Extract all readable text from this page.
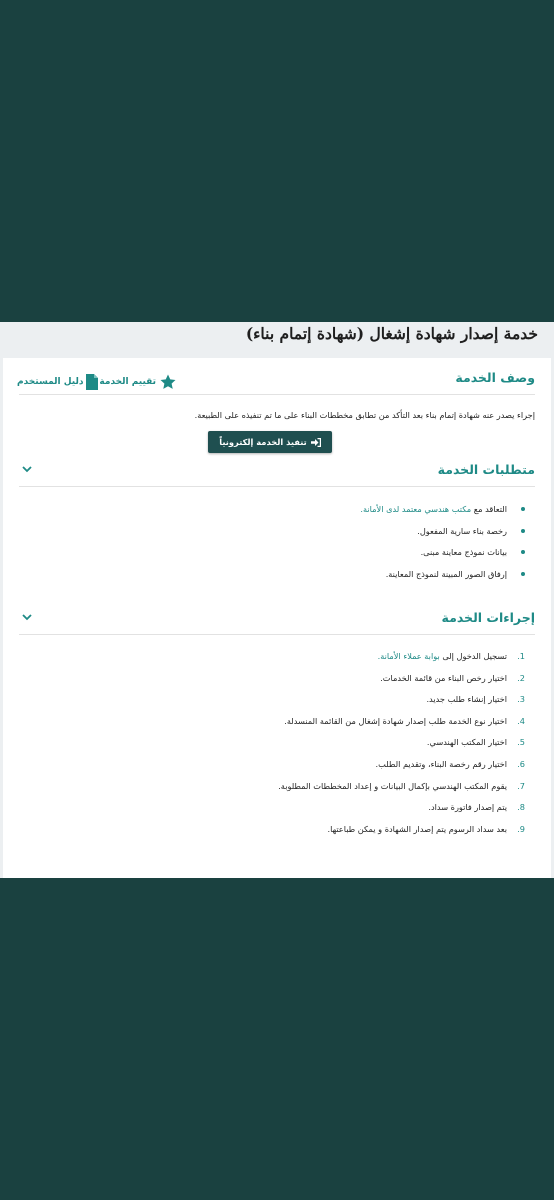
خدمة إصدار شهادة إشغال (شهادة إتمام بناء)
وصف الخدمة
تقييم الخدمة
دليل المستخدم
إجراء يصدر عنه شهادة إتمام بناء بعد التأكد من تطابق مخططات البناء على ما تم تنفيذه على الطبيعة.
تنفيذ الخدمة إلكترونياً
متطلبات الخدمة
التعاقد مع مكتب هندسي معتمد لدى الأمانة.
رخصة بناء سارية المفعول.
بيانات نموذج معاينة مبنى.
إرفاق الصور المبينة لنموذج المعاينة.
إجراءات الخدمة
1.
تسجيل الدخول إلى بوابة عملاء الأمانة.
2.
اختيار رخص البناء من قائمة الخدمات.
3.
اختيار إنشاء طلب جديد.
4.
اختيار نوع الخدمة طلب إصدار شهادة إشغال من القائمة المنسدلة.
5.
اختيار المكتب الهندسي.
6.
اختيار رقم رخصة البناء، وتقديم الطلب.
7.
يقوم المكتب الهندسي بإكمال البيانات و إعداد المخططات المطلوبة.
8.
يتم إصدار فاتورة سداد.
9.
بعد سداد الرسوم يتم إصدار الشهادة و يمكن طباعتها.
